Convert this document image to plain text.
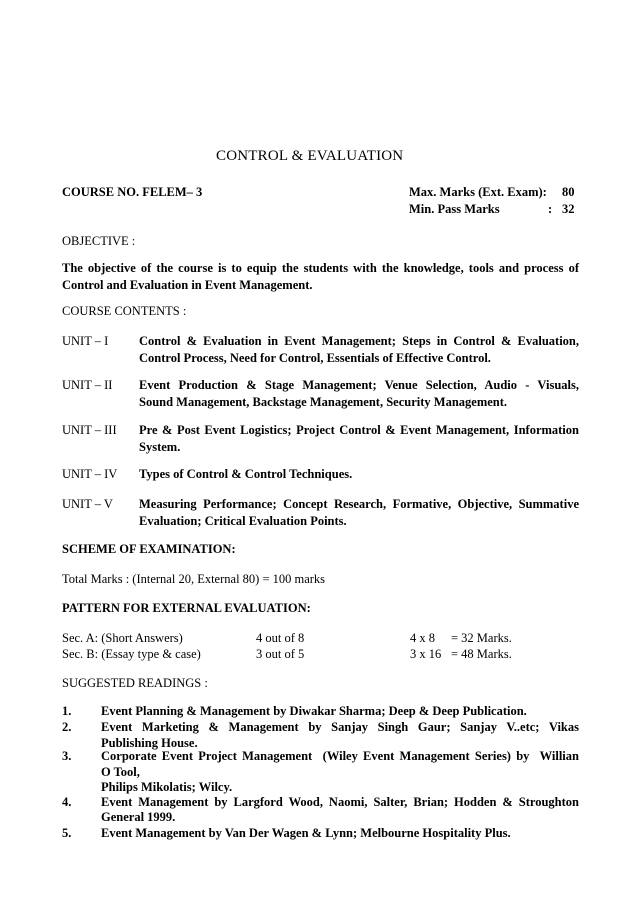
CONTROL & EVALUATION
COURSE NO. FELEM– 3	Max. Marks (Ext. Exam): 80
Min. Pass Marks	: 32
OBJECTIVE :
The objective of the course is to equip the students with the knowledge, tools and process of
Control and Evaluation in Event Management.
COURSE CONTENTS :
UNIT – I Control & Evaluation in Event Management; Steps in Control & Evaluation,
Control Process, Need for Control, Essentials of Effective Control.
UNIT – II Event Production & Stage Management; Venue Selection, Audio - Visuals,
Sound Management, Backstage Management, Security Management.
UNIT – III Pre & Post Event Logistics; Project Control & Event Management, Information
System.
UNIT – IV Types of Control & Control Techniques.
UNIT – V Measuring Performance; Concept Research, Formative, Objective, Summative
Evaluation; Critical Evaluation Points.
SCHEME OF EXAMINATION:
Total Marks : (Internal 20, External 80) = 100 marks
PATTERN FOR EXTERNAL EVALUATION:
Sec. A: (Short Answers)	4 out of 8	4 x 8 = 32 Marks.
Sec. B: (Essay type & case)	3 out of 5	3 x 16 = 48 Marks.
SUGGESTED READINGS :
1. Event Planning & Management by Diwakar Sharma; Deep & Deep Publication.
2. Event Marketing & Management by Sanjay Singh Gaur; Sanjay V..etc; Vikas
Publishing House.
3. Corporate Event Project Management  (Wiley Event Management Series) by  Willian
O Tool,
Philips Mikolatis; Wilcy.
4. Event Management by Largford Wood, Naomi, Salter, Brian; Hodden & Stroughton
General 1999.
5. Event Management by Van Der Wagen & Lynn; Melbourne Hospitality Plus.
